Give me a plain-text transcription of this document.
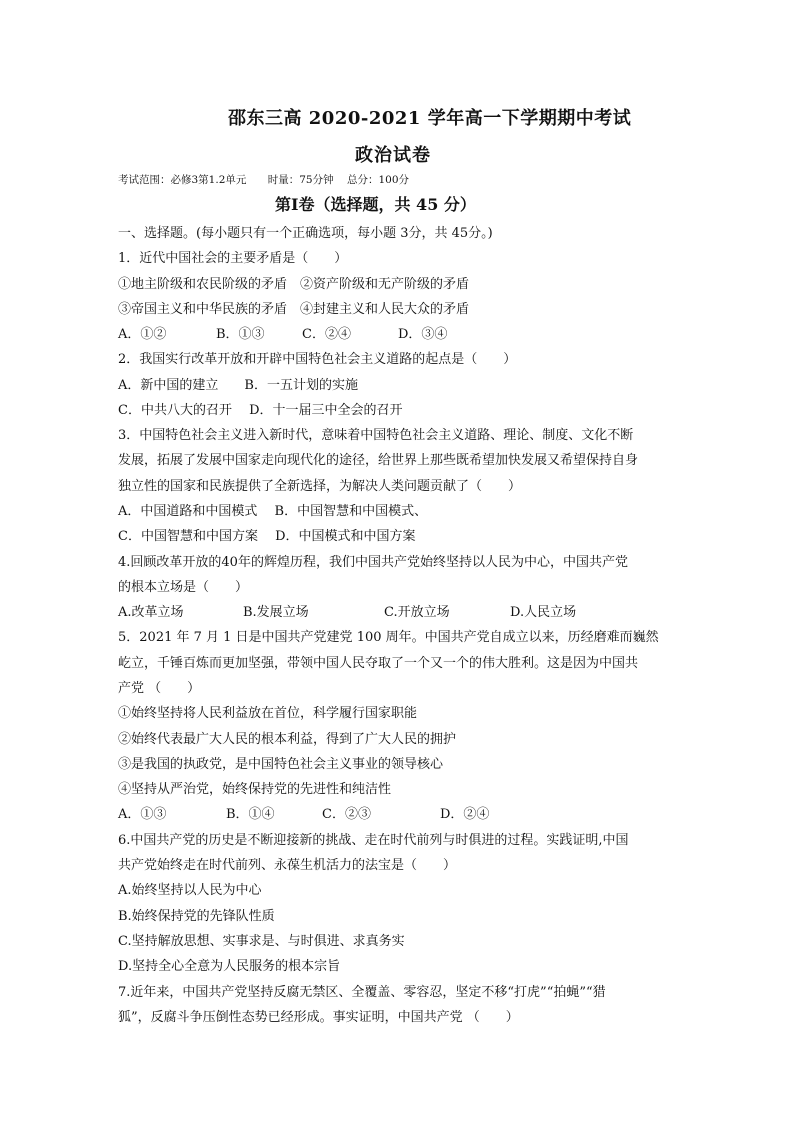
邵东三高 2020-2021 学年高一下学期期中考试
政治试卷
考试范围：必修3第1.2单元 时量：75分钟 总分：100分
第Ⅰ卷（选择题，共 45 分）
一、选择题。(每小题只有一个正确选项，每小题 3分，共 45分。)
1．近代中国社会的主要矛盾是（　　）
①地主阶级和农民阶级的矛盾　②资产阶级和无产阶级的矛盾
③帝国主义和中华民族的矛盾　④封建主义和人民大众的矛盾
A．①②	B．①③	C．②④	D．③④
2．我国实行改革开放和开辟中国特色社会主义道路的起点是（　　）
A．新中国的建立　　B．一五计划的实施
C．中共八大的召开　 D．十一届三中全会的召开
3．中国特色社会主义进入新时代，意味着中国特色社会主义道路、理论、制度、文化不断
发展，拓展了发展中国家走向现代化的途径，给世界上那些既希望加快发展又希望保持自身
独立性的国家和民族提供了全新选择，为解决人类问题贡献了（　　）
A．中国道路和中国模式　 B．中国智慧和中国模式、
C．中国智慧和中国方案　 D．中国模式和中国方案
4.回顾改革开放的40年的辉煌历程，我们中国共产党始终坚持以人民为中心，中国共产党
的根本立场是（　　）
A.改革立场	B.发展立场	C.开放立场	D.人民立场
5．2021 年 7 月 1 日是中国共产党建党 100 周年。中国共产党自成立以来，历经磨难而巍然
屹立，千锤百炼而更加坚强，带领中国人民夺取了一个又一个的伟大胜利。这是因为中国共
产党 （　　）
①始终坚持将人民利益放在首位，科学履行国家职能
②始终代表最广大人民的根本利益，得到了广大人民的拥护
③是我国的执政党，是中国特色社会主义事业的领导核心
④坚持从严治党，始终保持党的先进性和纯洁性
A．①③	B．①④	C．②③	D．②④
6.中国共产党的历史是不断迎接新的挑战、走在时代前列与时俱进的过程。实践证明,中国
共产党始终走在时代前列、永葆生机活力的法宝是（　　）
A.始终坚持以人民为中心
B.始终保持党的先锋队性质
C.坚持解放思想、实事求是、与时俱进、求真务实
D.坚持全心全意为人民服务的根本宗旨
7.近年来，中国共产党坚持反腐无禁区、全覆盖、零容忍，坚定不移“打虎”“拍蝇”“猎
狐”，反腐斗争压倒性态势已经形成。事实证明，中国共产党 （　　）
